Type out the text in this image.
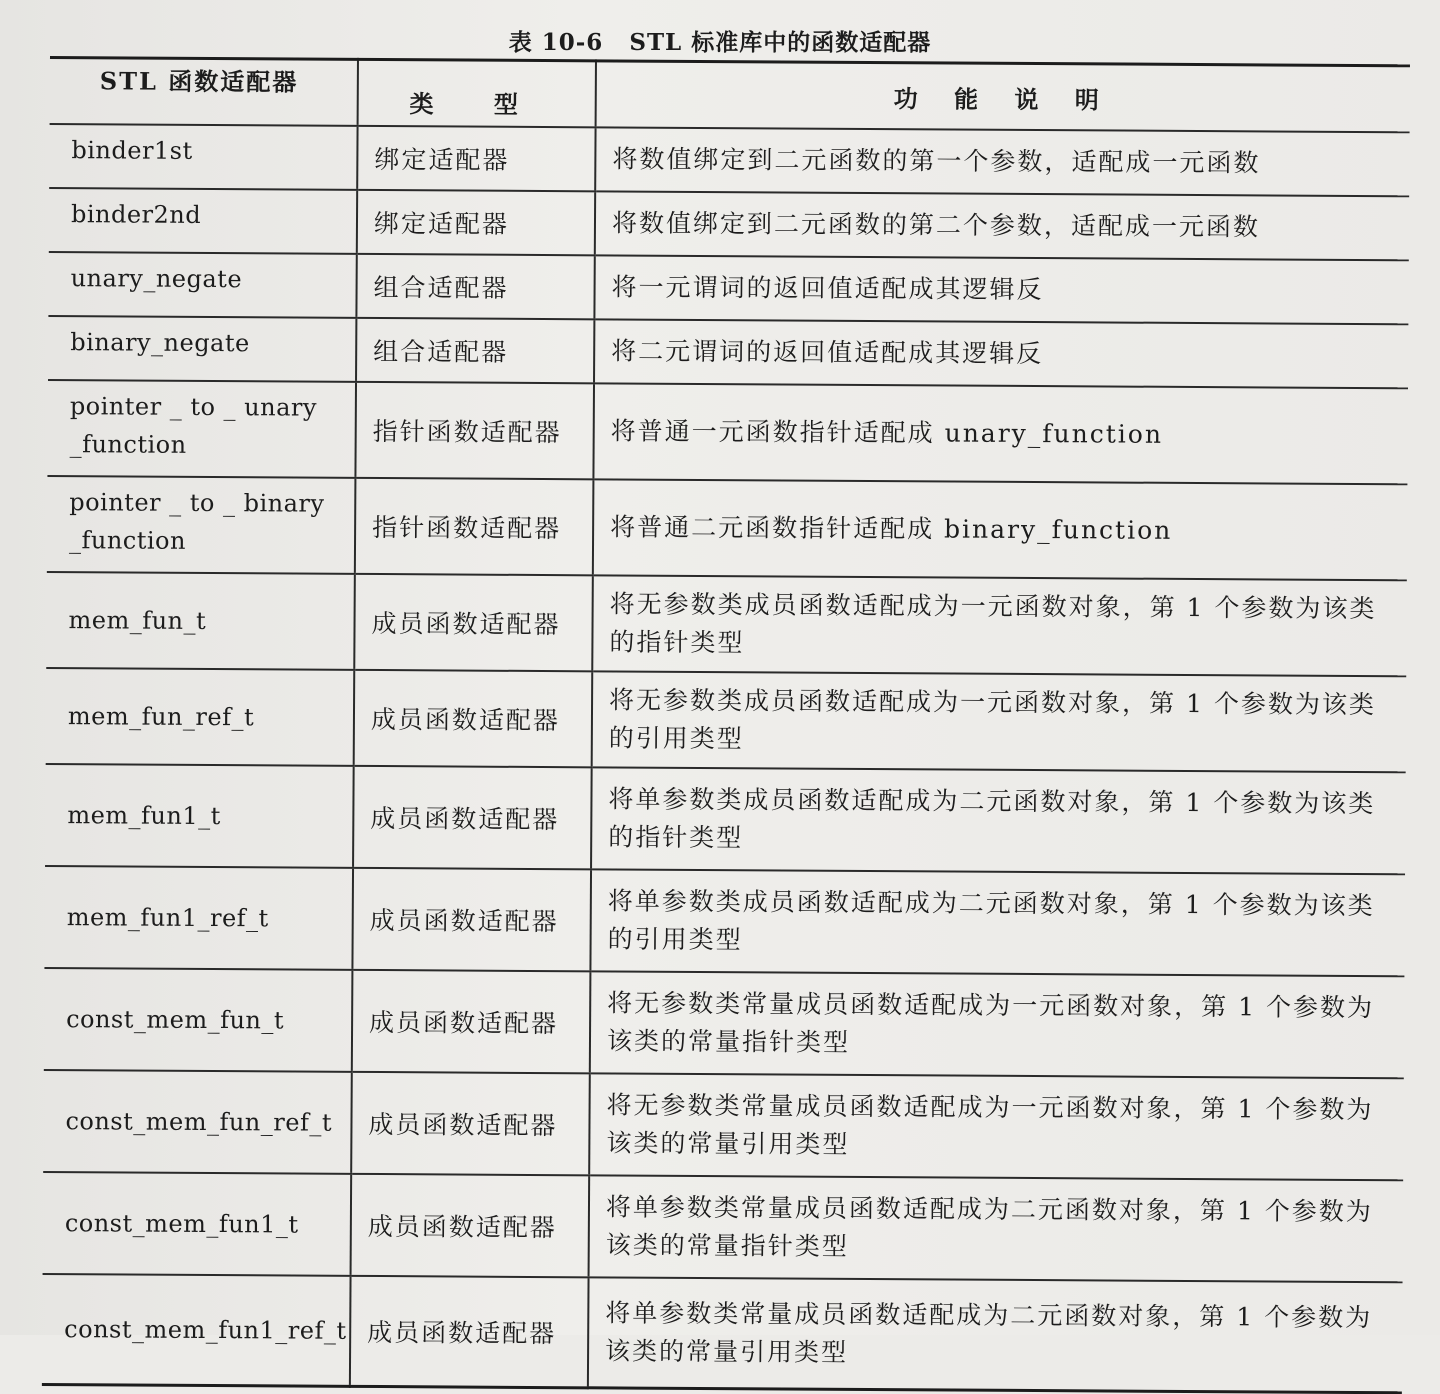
表 10-6 STL 标准库中的函数适配器
STL 函数适配器	类 型	功 能 说 明
binder1st	绑定适配器	将数值绑定到二元函数的第一个参数，适配成一元函数
binder2nd	绑定适配器	将数值绑定到二元函数的第二个参数，适配成一元函数
unary_negate	组合适配器	将一元谓词的返回值适配成其逻辑反
binary_negate	组合适配器	将二元谓词的返回值适配成其逻辑反
pointer _ to _ unary _function	指针函数适配器	将普通一元函数指针适配成 unary_function
pointer _ to _ binary _function	指针函数适配器	将普通二元函数指针适配成 binary_function
mem_fun_t	成员函数适配器	将无参数类成员函数适配成为一元函数对象，第 1 个参数为该类的指针类型
mem_fun_ref_t	成员函数适配器	将无参数类成员函数适配成为一元函数对象，第 1 个参数为该类的引用类型
mem_fun1_t	成员函数适配器	将单参数类成员函数适配成为二元函数对象，第 1 个参数为该类的指针类型
mem_fun1_ref_t	成员函数适配器	将单参数类成员函数适配成为二元函数对象，第 1 个参数为该类的引用类型
const_mem_fun_t	成员函数适配器	将无参数类常量成员函数适配成为一元函数对象，第 1 个参数为该类的常量指针类型
const_mem_fun_ref_t	成员函数适配器	将无参数类常量成员函数适配成为一元函数对象，第 1 个参数为该类的常量引用类型
const_mem_fun1_t	成员函数适配器	将单参数类常量成员函数适配成为二元函数对象，第 1 个参数为该类的常量指针类型
const_mem_fun1_ref_t	成员函数适配器	将单参数类常量成员函数适配成为二元函数对象，第 1 个参数为该类的常量引用类型
